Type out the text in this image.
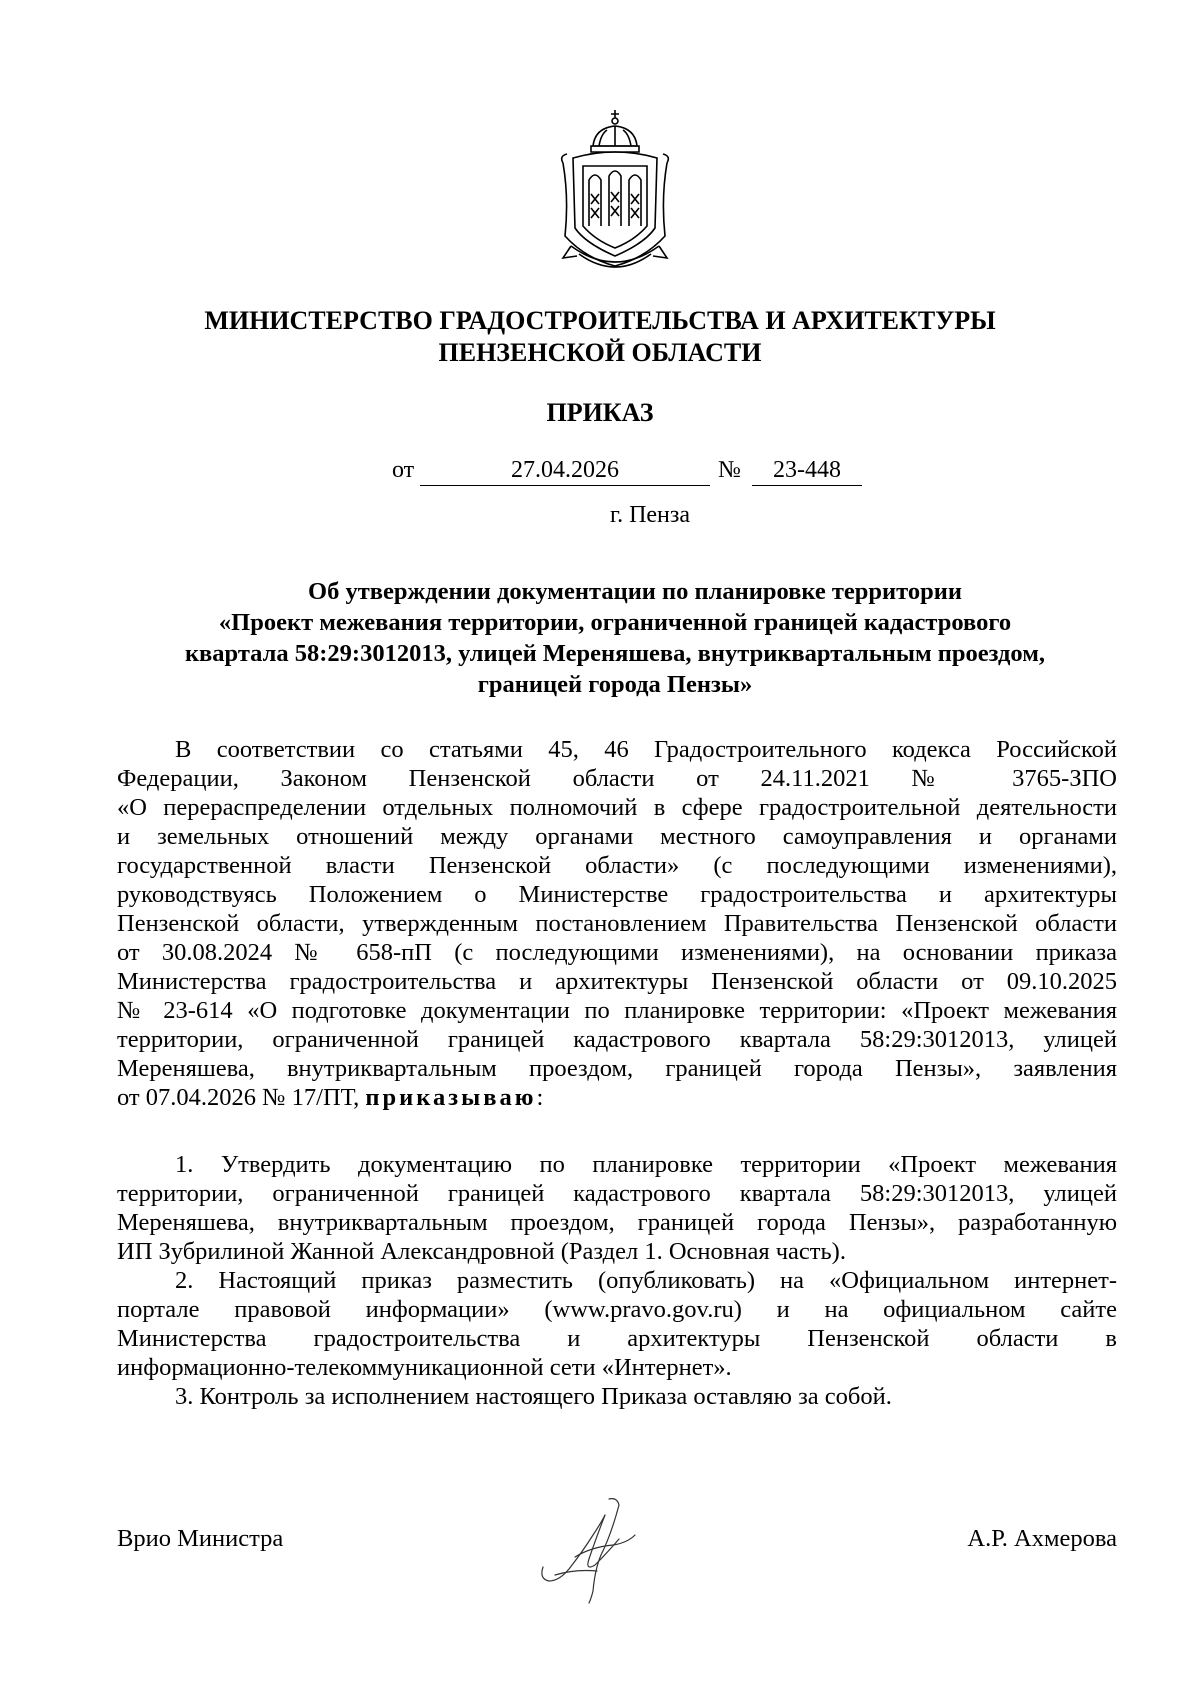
МИНИСТЕРСТВО ГРАДОСТРОИТЕЛЬСТВА И АРХИТЕКТУРЫ
ПЕНЗЕНСКОЙ ОБЛАСТИ
ПРИКАЗ
от	27.04.2026	№	23-448
г. Пенза
Об утверждении документации по планировке территории
«Проект межевания территории, ограниченной границей кадастрового
квартала 58:29:3012013, улицей Мереняшева, внутриквартальным проездом,
границей города Пензы»
В соответствии со статьями 45, 46 Градостроительного кодекса Российской
Федерации, Законом Пензенской области от 24.11.2021 № 3765-ЗПО
«О перераспределении отдельных полномочий в сфере градостроительной деятельности
и земельных отношений между органами местного самоуправления и органами
государственной власти Пензенской области» (с последующими изменениями),
руководствуясь Положением о Министерстве градостроительства и архитектуры
Пензенской области, утвержденным постановлением Правительства Пензенской области
от 30.08.2024 № 658-пП (с последующими изменениями), на основании приказа
Министерства градостроительства и архитектуры Пензенской области от 09.10.2025
№ 23-614 «О подготовке документации по планировке территории: «Проект межевания
территории, ограниченной границей кадастрового квартала 58:29:3012013, улицей
Мереняшева, внутриквартальным проездом, границей города Пензы», заявления
от 07.04.2026 № 17/ПТ, приказываю:
1. Утвердить документацию по планировке территории «Проект межевания
территории, ограниченной границей кадастрового квартала 58:29:3012013, улицей
Мереняшева, внутриквартальным проездом, границей города Пензы», разработанную
ИП Зубрилиной Жанной Александровной (Раздел 1. Основная часть).
2. Настоящий приказ разместить (опубликовать) на «Официальном интернет-
портале правовой информации» (www.pravo.gov.ru) и на официальном сайте
Министерства градостроительства и архитектуры Пензенской области в
информационно-телекоммуникационной сети «Интернет».
3. Контроль за исполнением настоящего Приказа оставляю за собой.
Врио Министра	А.Р. Ахмерова
